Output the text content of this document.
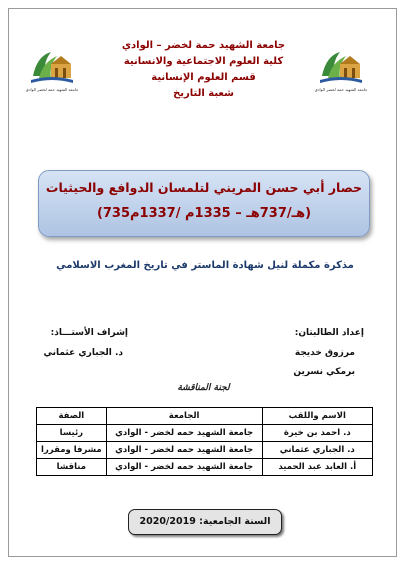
جامعة الشهيد حمه لخضر الوادي	جامعة الشهيد حمه لخضر الوادي
جامعة الشهيد حمة لخضر – الوادي
كلية العلوم الاجتماعية والانسانية
قسم العلوم الإنسانية
شعبة التاريخ
حصار أبي حسن المريني لتلمسان الدوافع والحيثيات
(735هـ/737هـ – 1335م /1337م)
مذكرة مكملة لنيل شهادة الماستر في تاريخ المغرب الاسلامي
إعداد الطالبتان:
مرزوق خديجة
برمكي نسرين
إشراف الأستـــاذ:
د. الجباري عثماني
لجنة المناقشة
الاسم واللقب	الجامعة	الصفة
د. احمد بن خيرة	جامعة الشهيد حمه لخضر - الوادي	رئيسا
د. الجباري عثماني	جامعة الشهيد حمه لخضر - الوادي	مشرفا ومقررا
أ. العابد عبد الحميد	جامعة الشهيد حمه لخضر - الوادي	مناقشا
السنة الجامعية: 2020/2019
